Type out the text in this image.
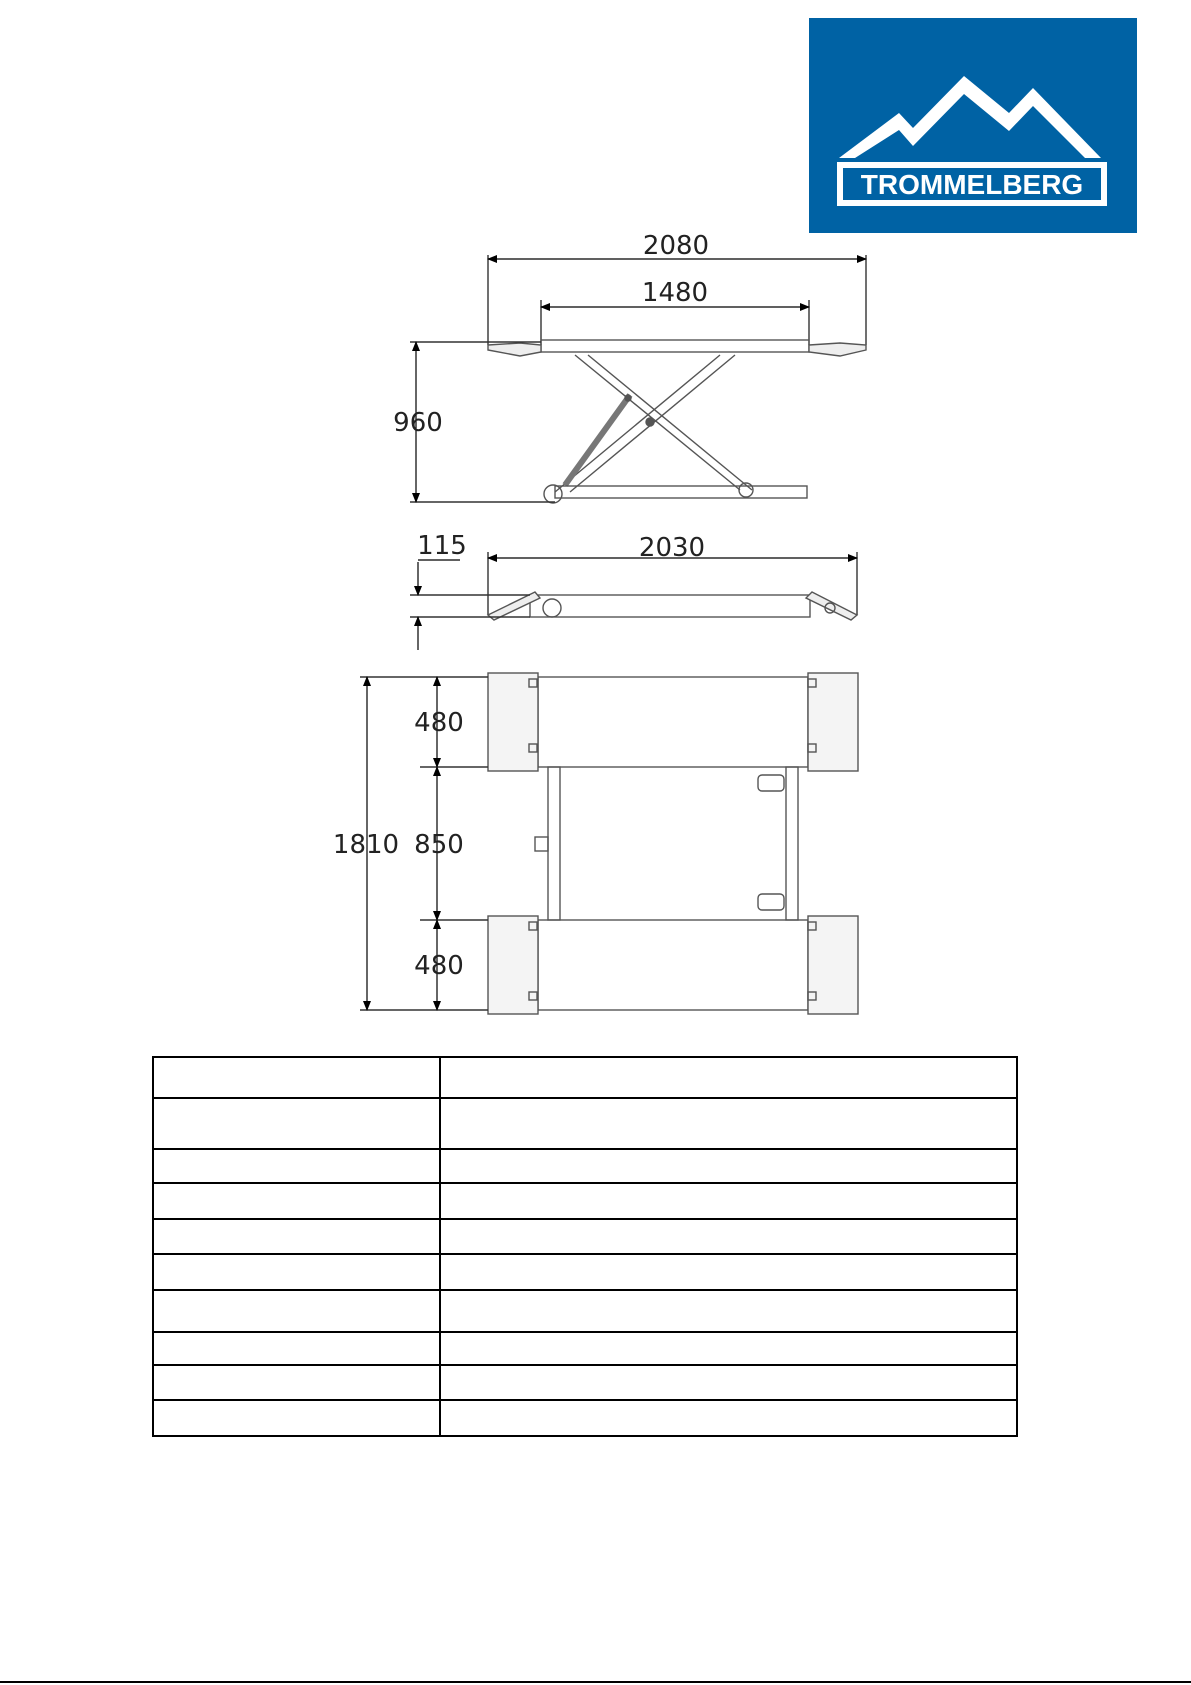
TROMMELBERG
2080
1480
960
2030
115
1810
480
850
480
